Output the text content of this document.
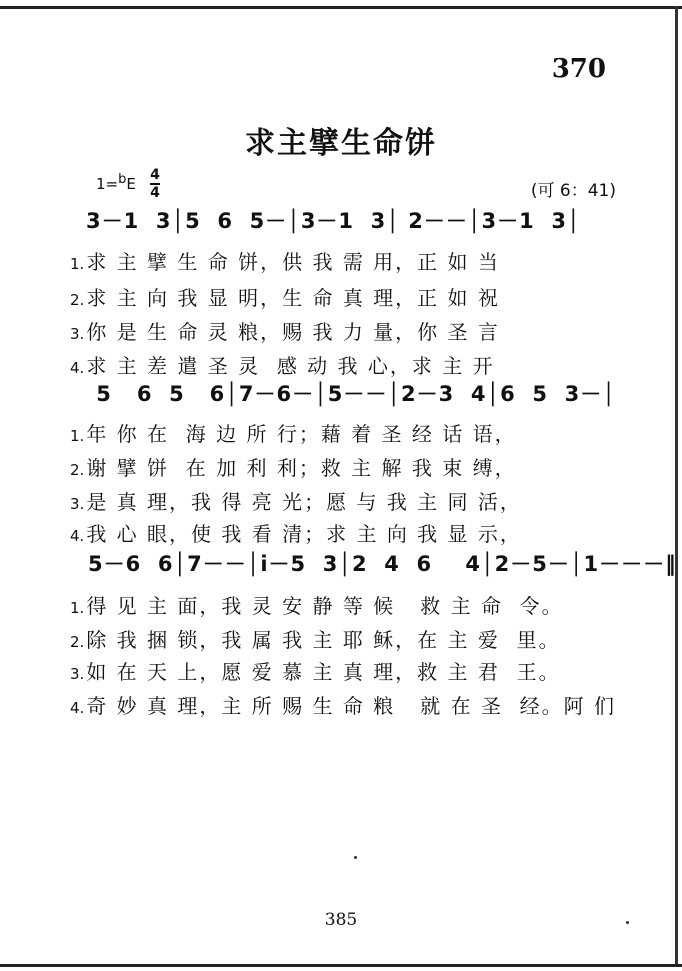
370
求主擘生命饼
1=bE 4
4	(可 6：41)
3－1  3│5  6  5－│3－1  3│ 2－－│3－1  3│
1. 求 主 擘 生 命 饼，供 我 需 用，正 如 当
2. 求 主 向 我 显 明，生 命 真 理，正 如 祝
3. 你 是 生 命 灵 粮，赐 我 力 量，你 圣 言
4. 求 主 差 遣 圣 灵  感 动 我 心，求 主 开
5   6  5   6│7－6－│5－－│2－3  4│6  5  3－│
1. 年 你 在  海 边 所 行；藉 着 圣 经 话 语，
2. 谢 擘 饼  在 加 利 利；救 主 解 我 束 缚，
3. 是 真 理，我 得 亮 光；愿 与 我 主 同 活，
4. 我 心 眼，使 我 看 清；求 主 向 我 显 示，
5－6  6│7－－│i－5  3│2  4  6    4│2－5－│1－－－‖
1. 得 见 主 面，我 灵 安 静 等 候   救 主 命  令。
2. 除 我 捆 锁，我 属 我 主 耶 稣，在 主 爱  里。
3. 如 在 天 上，愿 爱 慕 主 真 理，救 主 君  王。
4. 奇 妙 真 理，主 所 赐 生 命 粮   就 在 圣  经。阿 们
385
